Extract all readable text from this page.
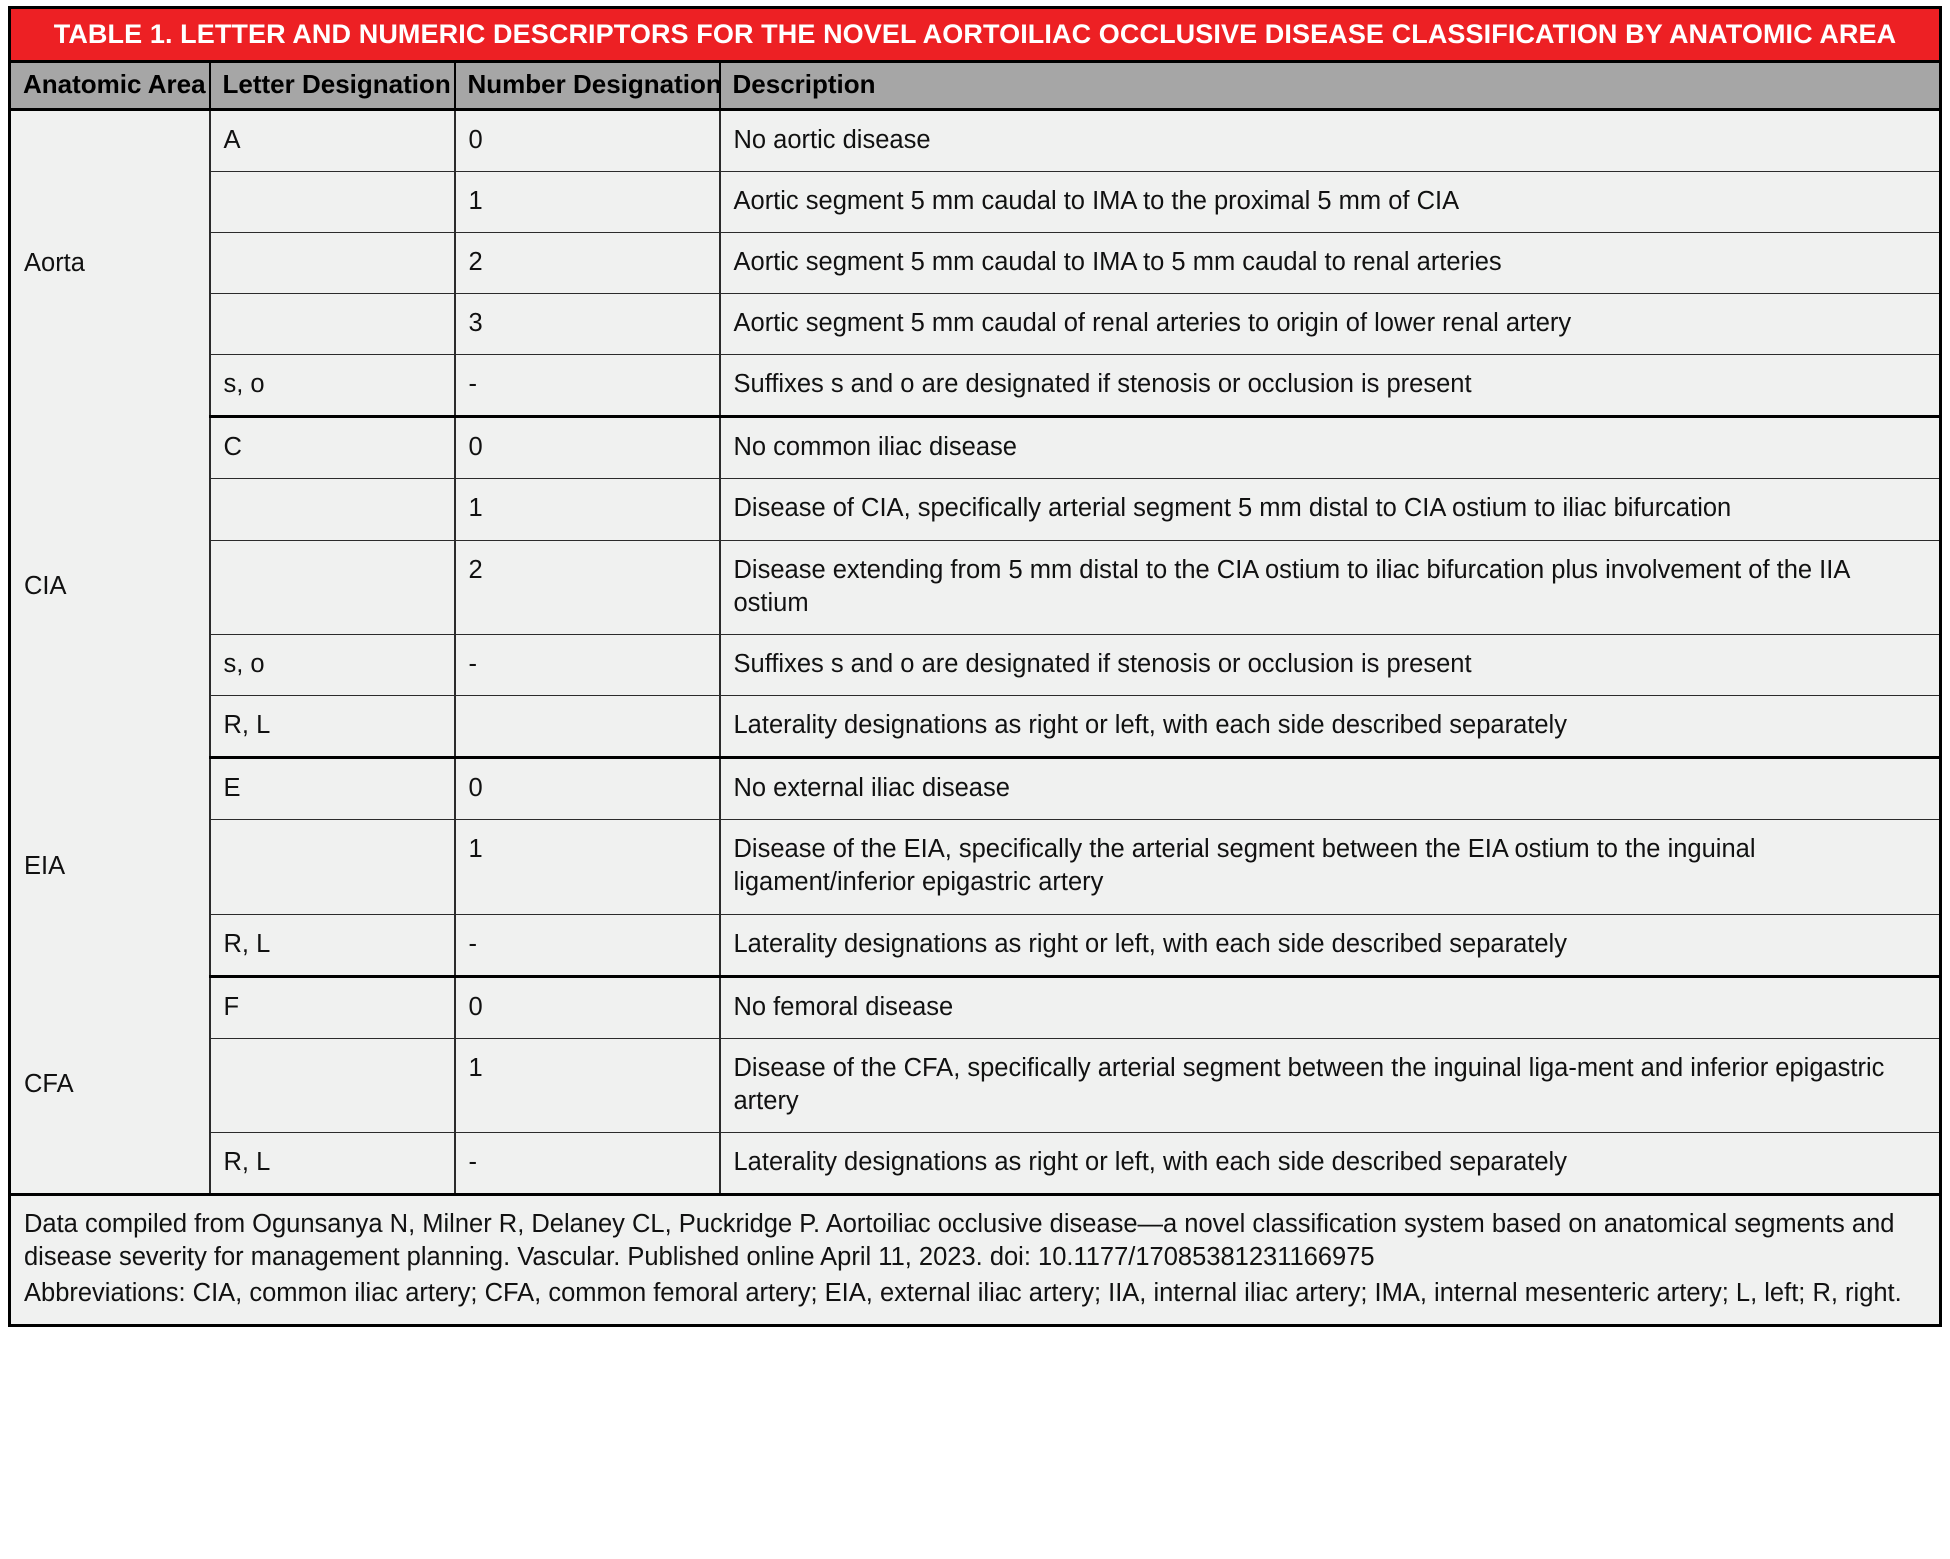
TABLE 1. LETTER AND NUMERIC DESCRIPTORS FOR THE NOVEL AORTOILIAC OCCLUSIVE DISEASE CLASSIFICATION BY ANATOMIC AREA			
Anatomic Area	Letter Designation	Number Designation	Description
Aorta	A	0	No aortic disease
		1	Aortic segment 5 mm caudal to IMA to the proximal 5 mm of CIA
		2	Aortic segment 5 mm caudal to IMA to 5 mm caudal to renal arteries
		3	Aortic segment 5 mm caudal of renal arteries to origin of lower renal artery
	s, o	-	Suffixes s and o are designated if stenosis or occlusion is present
CIA	C	0	No common iliac disease
		1	Disease of CIA, specifically arterial segment 5 mm distal to CIA ostium to iliac bifurcation
		2	Disease extending from 5 mm distal to the CIA ostium to iliac bifurcation plus involvement of the IIA ostium
	s, o	-	Suffixes s and o are designated if stenosis or occlusion is present
	R, L		Laterality designations as right or left, with each side described separately
EIA	E	0	No external iliac disease
		1	Disease of the EIA, specifically the arterial segment between the EIA ostium to the inguinal ligament/inferior epigastric artery
	R, L	-	Laterality designations as right or left, with each side described separately
CFA	F	0	No femoral disease
		1	Disease of the CFA, specifically arterial segment between the inguinal liga-ment and inferior epigastric artery
	R, L	-	Laterality designations as right or left, with each side described separately

Data compiled from Ogunsanya N, Milner R, Delaney CL, Puckridge P. Aortoiliac occlusive disease—a novel classification system based on anatomical segments and disease severity for management planning. Vascular. Published online April 11, 2023. doi: 10.1177/17085381231166975

Abbreviations: CIA, common iliac artery; CFA, common femoral artery; EIA, external iliac artery; IIA, internal iliac artery; IMA, internal mesenteric artery; L, left; R, right.			
